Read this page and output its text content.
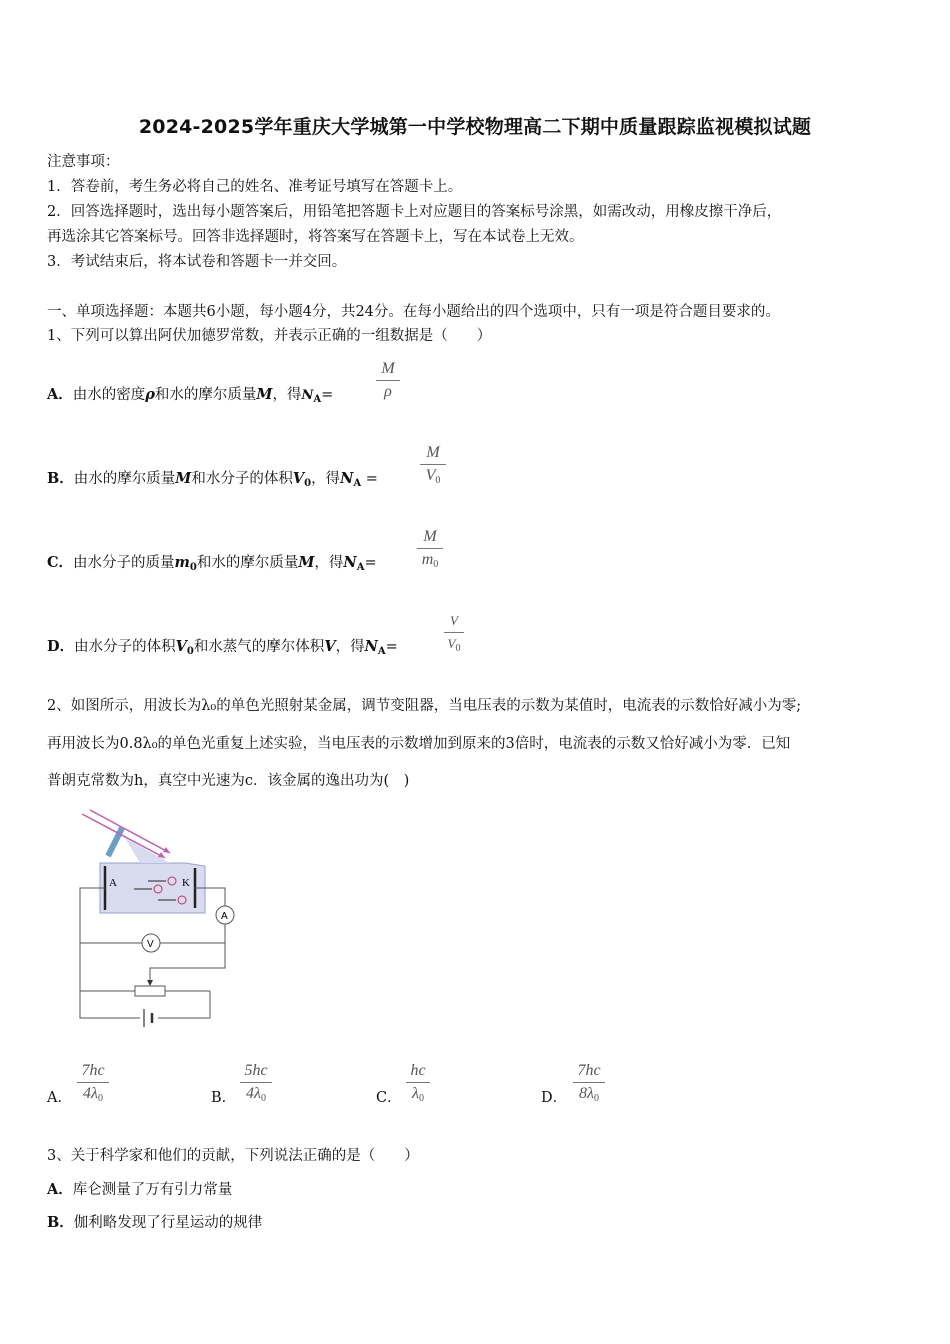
2024-2025学年重庆大学城第一中学校物理高二下期中质量跟踪监视模拟试题
注意事项：
1．答卷前，考生务必将自己的姓名、准考证号填写在答题卡上。
2．回答选择题时，选出每小题答案后，用铅笔把答题卡上对应题目的答案标号涂黑，如需改动，用橡皮擦干净后，
再选涂其它答案标号。回答非选择题时，将答案写在答题卡上，写在本试卷上无效。
3．考试结束后，将本试卷和答题卡一并交回。
一、单项选择题：本题共6小题，每小题4分，共24分。在每小题给出的四个选项中，只有一项是符合题目要求的。
1、下列可以算出阿伏加德罗常数，并表示正确的一组数据是（　　）
A．由水的密度ρ和水的摩尔质量M，得$N_A=$
M
ρ
B．由水的摩尔质量M和水分子的体积$V_0$，得$N_A$ =
M
$V_0$
C．由水分子的质量$m_0$和水的摩尔质量M，得$N_A=$
M
$m_0$
D．由水分子的体积$V_0$和水蒸气的摩尔体积V，得$N_A=$
V
$V_0$
2、如图所示，用波长为λ₀的单色光照射某金属，调节变阻器，当电压表的示数为某值时，电流表的示数恰好减小为零;
再用波长为0.8λ₀的单色光重复上述实验，当电压表的示数增加到原来的3倍时，电流表的示数又恰好减小为零．已知
普朗克常数为h，真空中光速为c．该金属的逸出功为(　)
A	K
A
V
A．
7hc
$4\lambda_0$	B．
5hc
$4\lambda_0$	C．
hc
$\lambda_0$	D．
7hc
$8\lambda_0$
3、关于科学家和他们的贡献，下列说法正确的是（　　）
A．库仑测量了万有引力常量
B．伽利略发现了行星运动的规律
